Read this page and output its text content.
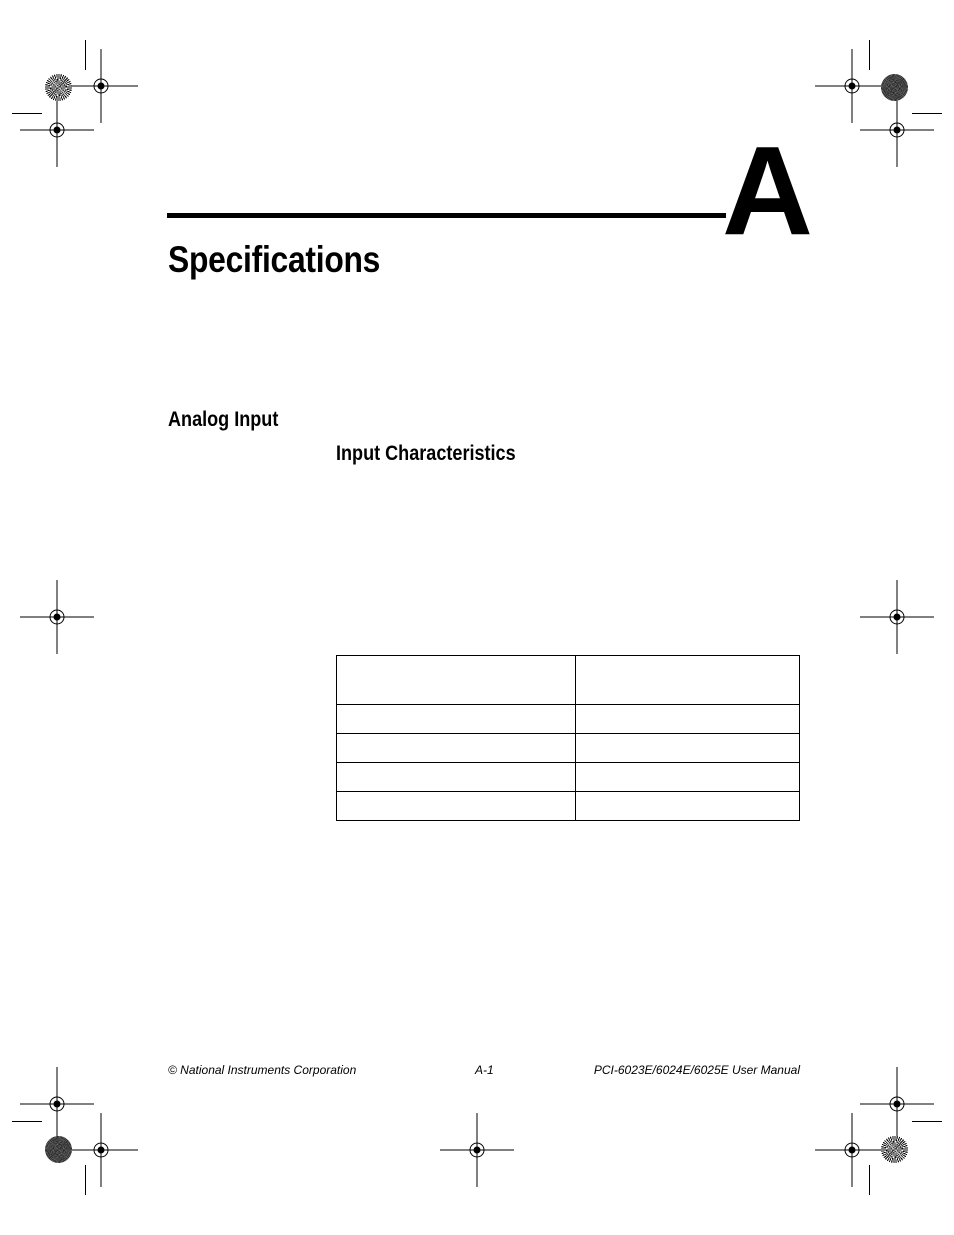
A
Specifications
Analog Input
Input Characteristics

© National Instruments Corporation	A-1	PCI-6023E/6024E/6025E User Manual
